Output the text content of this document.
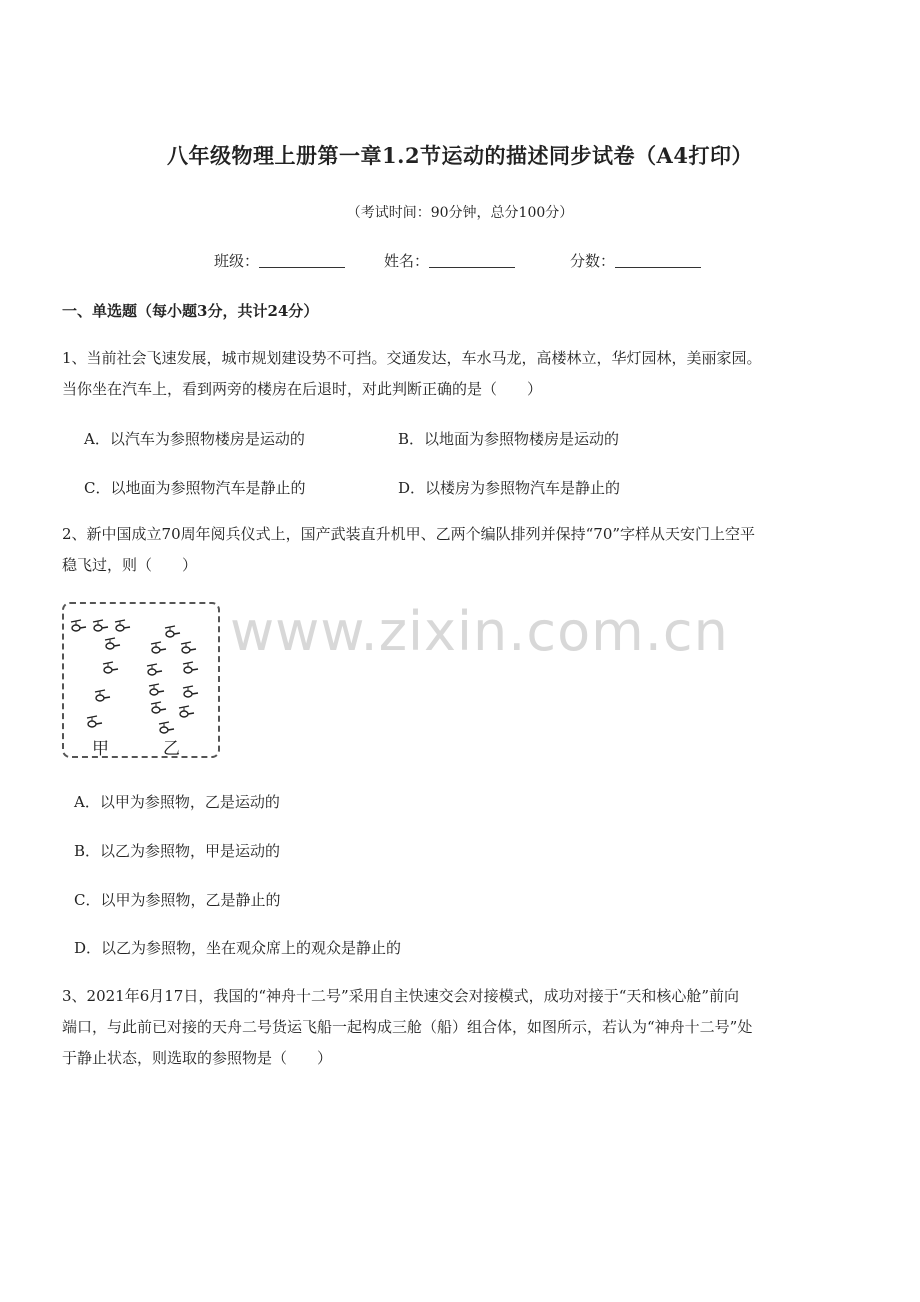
八年级物理上册第一章1.2节运动的描述同步试卷（A4打印）
（考试时间：90分钟，总分100分）
班级：	姓名：	分数：
一、单选题（每小题3分，共计24分）
1、当前社会飞速发展，城市规划建设势不可挡。交通发达，车水马龙，高楼林立，华灯园林，美丽家园。
当你坐在汽车上，看到两旁的楼房在后退时，对此判断正确的是（　　）
A．以汽车为参照物楼房是运动的	B．以地面为参照物楼房是运动的
C．以地面为参照物汽车是静止的	D．以楼房为参照物汽车是静止的
2、新中国成立70周年阅兵仪式上，国产武装直升机甲、乙两个编队排列并保持“70”字样从天安门上空平
稳飞过，则（　　）
甲	乙
www.zixin.com.cn
A．以甲为参照物，乙是运动的
B．以乙为参照物，甲是运动的
C．以甲为参照物，乙是静止的
D．以乙为参照物，坐在观众席上的观众是静止的
3、2021年6月17日，我国的“神舟十二号”采用自主快速交会对接模式，成功对接于“天和核心舱”前向
端口，与此前已对接的天舟二号货运飞船一起构成三舱（船）组合体，如图所示，若认为“神舟十二号”处
于静止状态，则选取的参照物是（　　）
